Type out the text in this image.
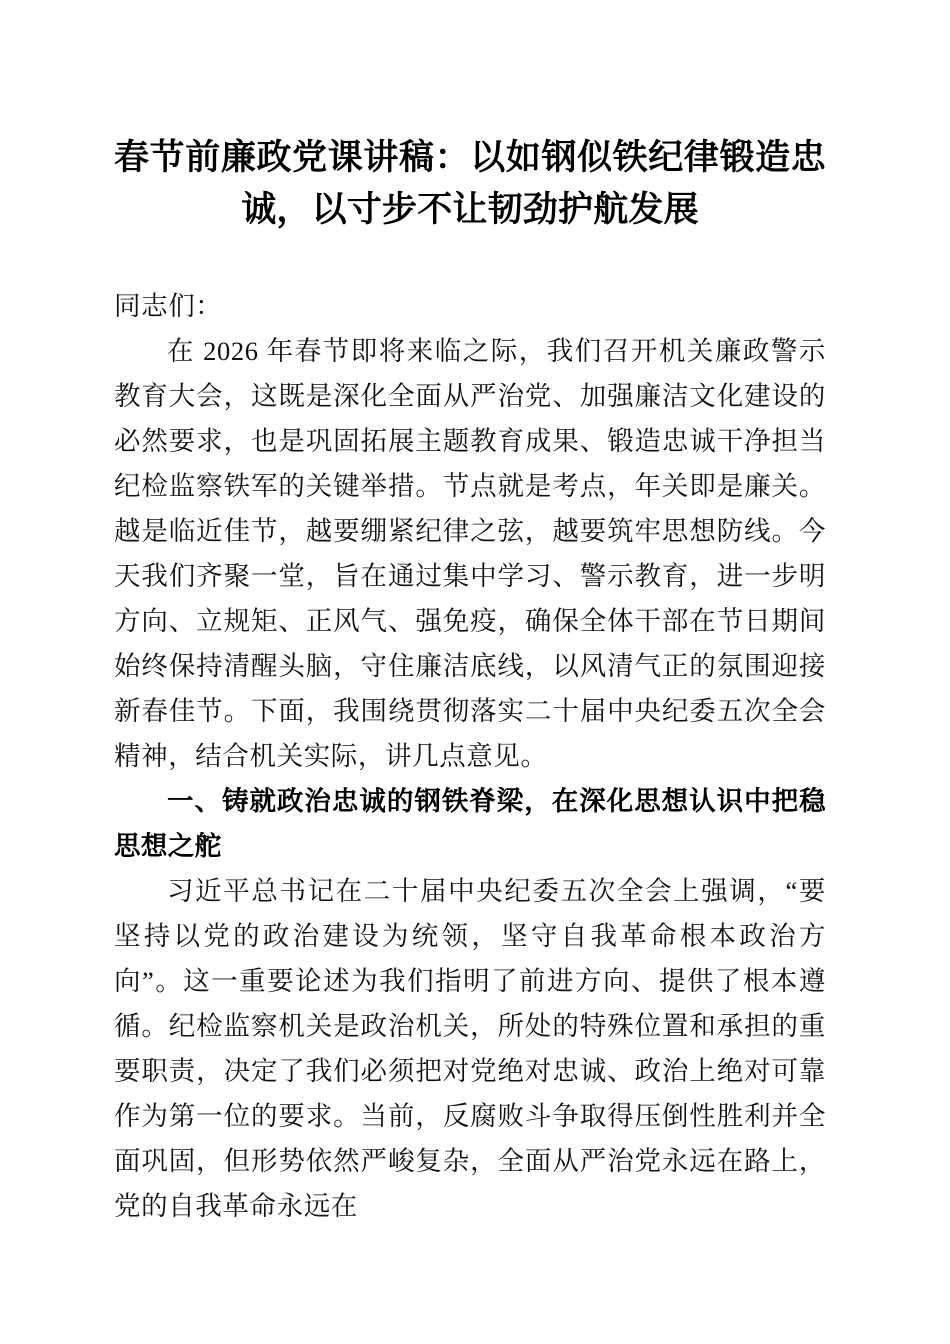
春节前廉政党课讲稿：以如钢似铁纪律锻造忠诚，以寸步不让韧劲护航发展

同志们：

在 2026 年春节即将来临之际，我们召开机关廉政警示教育大会，这既是深化全面从严治党、加强廉洁文化建设的必然要求，也是巩固拓展主题教育成果、锻造忠诚干净担当纪检监察铁军的关键举措。节点就是考点，年关即是廉关。越是临近佳节，越要绷紧纪律之弦，越要筑牢思想防线。今天我们齐聚一堂，旨在通过集中学习、警示教育，进一步明方向、立规矩、正风气、强免疫，确保全体干部在节日期间始终保持清醒头脑，守住廉洁底线，以风清气正的氛围迎接新春佳节。下面，我围绕贯彻落实二十届中央纪委五次全会精神，结合机关实际，讲几点意见。

一、铸就政治忠诚的钢铁脊梁，在深化思想认识中把稳思想之舵

习近平总书记在二十届中央纪委五次全会上强调，“要坚持以党的政治建设为统领，坚守自我革命根本政治方向”。这一重要论述为我们指明了前进方向、提供了根本遵循。纪检监察机关是政治机关，所处的特殊位置和承担的重要职责，决定了我们必须把对党绝对忠诚、政治上绝对可靠作为第一位的要求。当前，反腐败斗争取得压倒性胜利并全面巩固，但形势依然严峻复杂，全面从严治党永远在路上，党的自我革命永远在
